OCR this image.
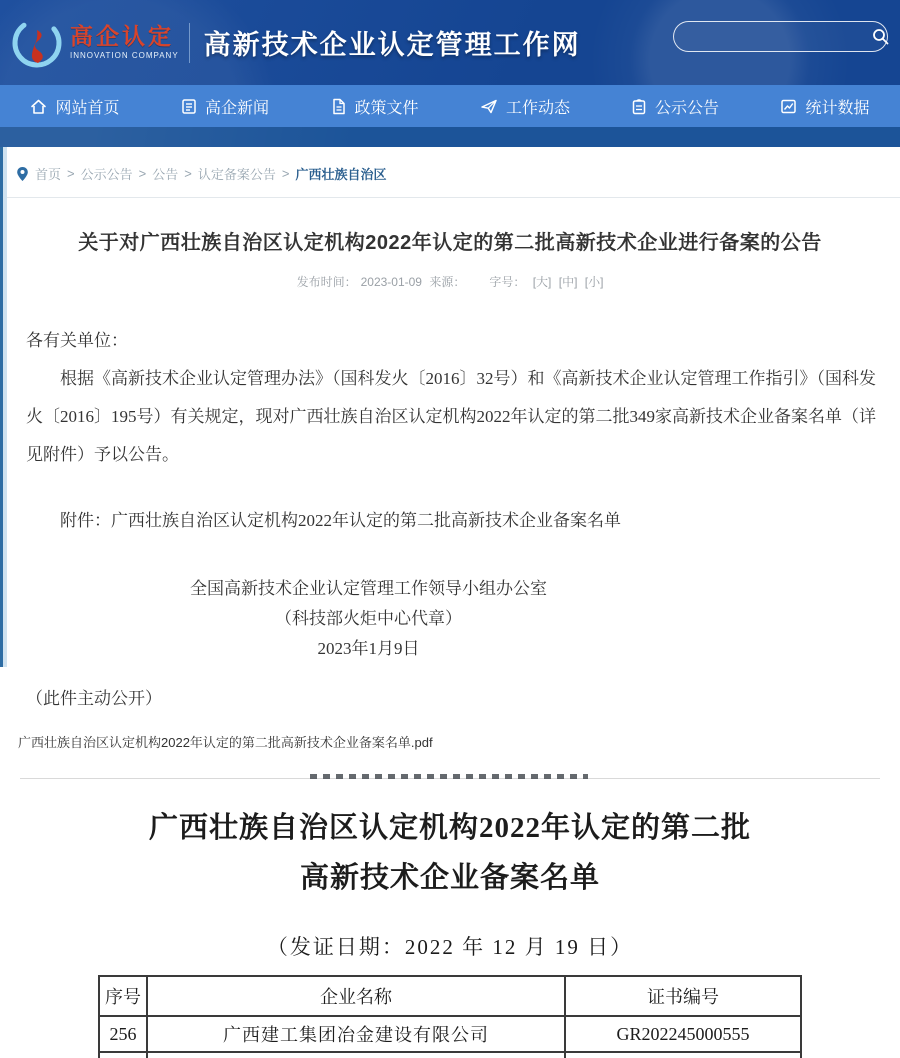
高企认定
INNOVATION COMPANY 高新技术企业认定管理工作网
网站首页	高企新闻	政策文件	工作动态	公示公告	统计数据
首页 > 公示公告 > 公告 > 认定备案公告 > 广西壮族自治区
关于对广西壮族自治区认定机构2022年认定的第二批高新技术企业进行备案的公告
发布时间： 2023-01-09 来源： 字号： [大] [中] [小]

各有关单位：

根据《高新技术企业认定管理办法》（国科发火〔2016〕32号）和《高新技术企业认定管理工作指引》（国科发火〔2016〕195号）有关规定，现对广西壮族自治区认定机构2022年认定的第二批349家高新技术企业备案名单（详见附件）予以公告。

附件：广西壮族自治区认定机构2022年认定的第二批高新技术企业备案名单

全国高新技术企业认定管理工作领导小组办公室
（科技部火炬中心代章）
2023年1月9日

（此件主动公开）

广西壮族自治区认定机构2022年认定的第二批高新技术企业备案名单.pdf
广西壮族自治区认定机构2022年认定的第二批
高新技术企业备案名单
（发证日期：2022 年 12 月 19 日）
序号	企业名称	证书编号
256	广西建工集团冶金建设有限公司	GR202245000555
